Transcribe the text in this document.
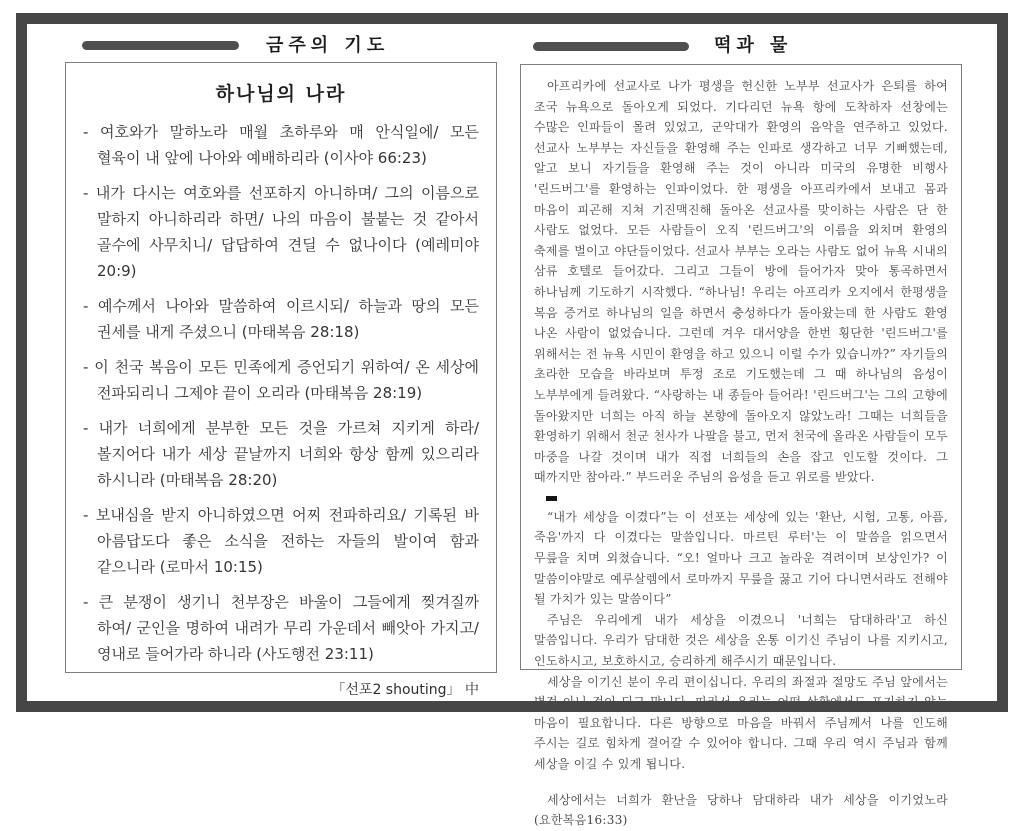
금주의 기도
하나님의 나라

- 여호와가 말하노라 매월 초하루와 매 안식일에/ 모든 혈육이 내 앞에 나아와 예배하리라 (이사야 66:23)

- 내가 다시는 여호와를 선포하지 아니하며/ 그의 이름으로 말하지 아니하리라 하면/ 나의 마음이 불붙는 것 같아서 골수에 사무치니/ 답답하여 견딜 수 없나이다 (예레미야 20:9)

- 예수께서 나아와 말씀하여 이르시되/ 하늘과 땅의 모든 권세를 내게 주셨으니 (마태복음 28:18)

- 이 천국 복음이 모든 민족에게 증언되기 위하여/ 온 세상에 전파되리니 그제야 끝이 오리라 (마태복음 28:19)

- 내가 너희에게 분부한 모든 것을 가르쳐 지키게 하라/ 볼지어다 내가 세상 끝날까지 너희와 항상 함께 있으리라 하시니라 (마태복음 28:20)

- 보내심을 받지 아니하였으면 어찌 전파하리요/ 기록된 바 아름답도다 좋은 소식을 전하는 자들의 발이여 함과 같으니라 (로마서 10:15)

- 큰 분쟁이 생기니 천부장은 바울이 그들에게 찢겨질까 하여/ 군인을 명하여 내려가 무리 가운데서 빼앗아 가지고/ 영내로 들어가라 하니라 (사도행전 23:11)

「선포2 shouting」 中
떡과 물

아프리카에 선교사로 나가 평생을 헌신한 노부부 선교사가 은퇴를 하여 조국 뉴욕으로 돌아오게 되었다. 기다리던 뉴욕 항에 도착하자 선창에는 수많은 인파들이 몰려 있었고, 군악대가 환영의 음악을 연주하고 있었다. 선교사 노부부는 자신들을 환영해 주는 인파로 생각하고 너무 기뻐했는데, 알고 보니 자기들을 환영해 주는 것이 아니라 미국의 유명한 비행사 '린드버그'를 환영하는 인파이었다. 한 평생을 아프리카에서 보내고 몸과 마음이 피곤해 지쳐 기진맥진해 돌아온 선교사를 맞이하는 사람은 단 한 사람도 없었다. 모든 사람들이 오직 '린드버그'의 이름을 외치며 환영의 축제를 벌이고 야단들이었다. 선교사 부부는 오라는 사람도 없어 뉴욕 시내의 삼류 호텔로 들어갔다. 그리고 그들이 방에 들어가자 맞아 통곡하면서 하나님께 기도하기 시작했다. “하나님! 우리는 아프리카 오지에서 한평생을 복음 증거로 하나님의 일을 하면서 충성하다가 돌아왔는데 한 사람도 환영 나온 사람이 없었습니다. 그런데 겨우 대서양을 한번 횡단한 '린드버그'를 위해서는 전 뉴욕 시민이 환영을 하고 있으니 이럴 수가 있습니까?” 자기들의 초라한 모습을 바라보며 투정 조로 기도했는데 그 때 하나님의 음성이 노부부에게 들려왔다. “사랑하는 내 종들아 들어라! '린드버그'는 그의 고향에 돌아왔지만 너희는 아직 하늘 본향에 돌아오지 않았노라! 그때는 너희들을 환영하기 위해서 천군 천사가 나팔을 불고, 먼저 천국에 올라온 사람들이 모두 마중을 나갈 것이며 내가 직접 너희들의 손을 잡고 인도할 것이다. 그 때까지만 참아라.” 부드러운 주님의 음성을 듣고 위로를 받았다.

“내가 세상을 이겼다”는 이 선포는 세상에 있는 '환난, 시험, 고통, 아픔, 죽음'까지 다 이겼다는 말씀입니다. 마르틴 루터'는 이 말씀을 읽으면서 무릎을 치며 외쳤습니다. “오! 얼마나 크고 놀라운 격려이며 보상인가? 이 말씀이야말로 예루살렘에서 로마까지 무릎을 꿇고 기어 다니면서라도 전해야 될 가치가 있는 말씀이다”

주님은 우리에게 내가 세상을 이겼으니 '너희는 담대하라'고 하신 말씀입니다. 우리가 담대한 것은 세상을 온통 이기신 주님이 나를 지키시고, 인도하시고, 보호하시고, 승리하게 해주시기 때문입니다.

세상을 이기신 분이 우리 편이십니다. 우리의 좌절과 절망도 주님 앞에서는 별것 아닌 것이 되고 맙니다. 따라서 우리는 어떤 상황에서도 포기하지 않는 마음이 필요합니다. 다른 방향으로 마음을 바꿔서 주님께서 나를 인도해 주시는 길로 힘차게 걸어갈 수 있어야 합니다. 그때 우리 역시 주님과 함께 세상을 이길 수 있게 됩니다.

세상에서는 너희가 환난을 당하나 담대하라 내가 세상을 이기었노라(요한복음16:33)
